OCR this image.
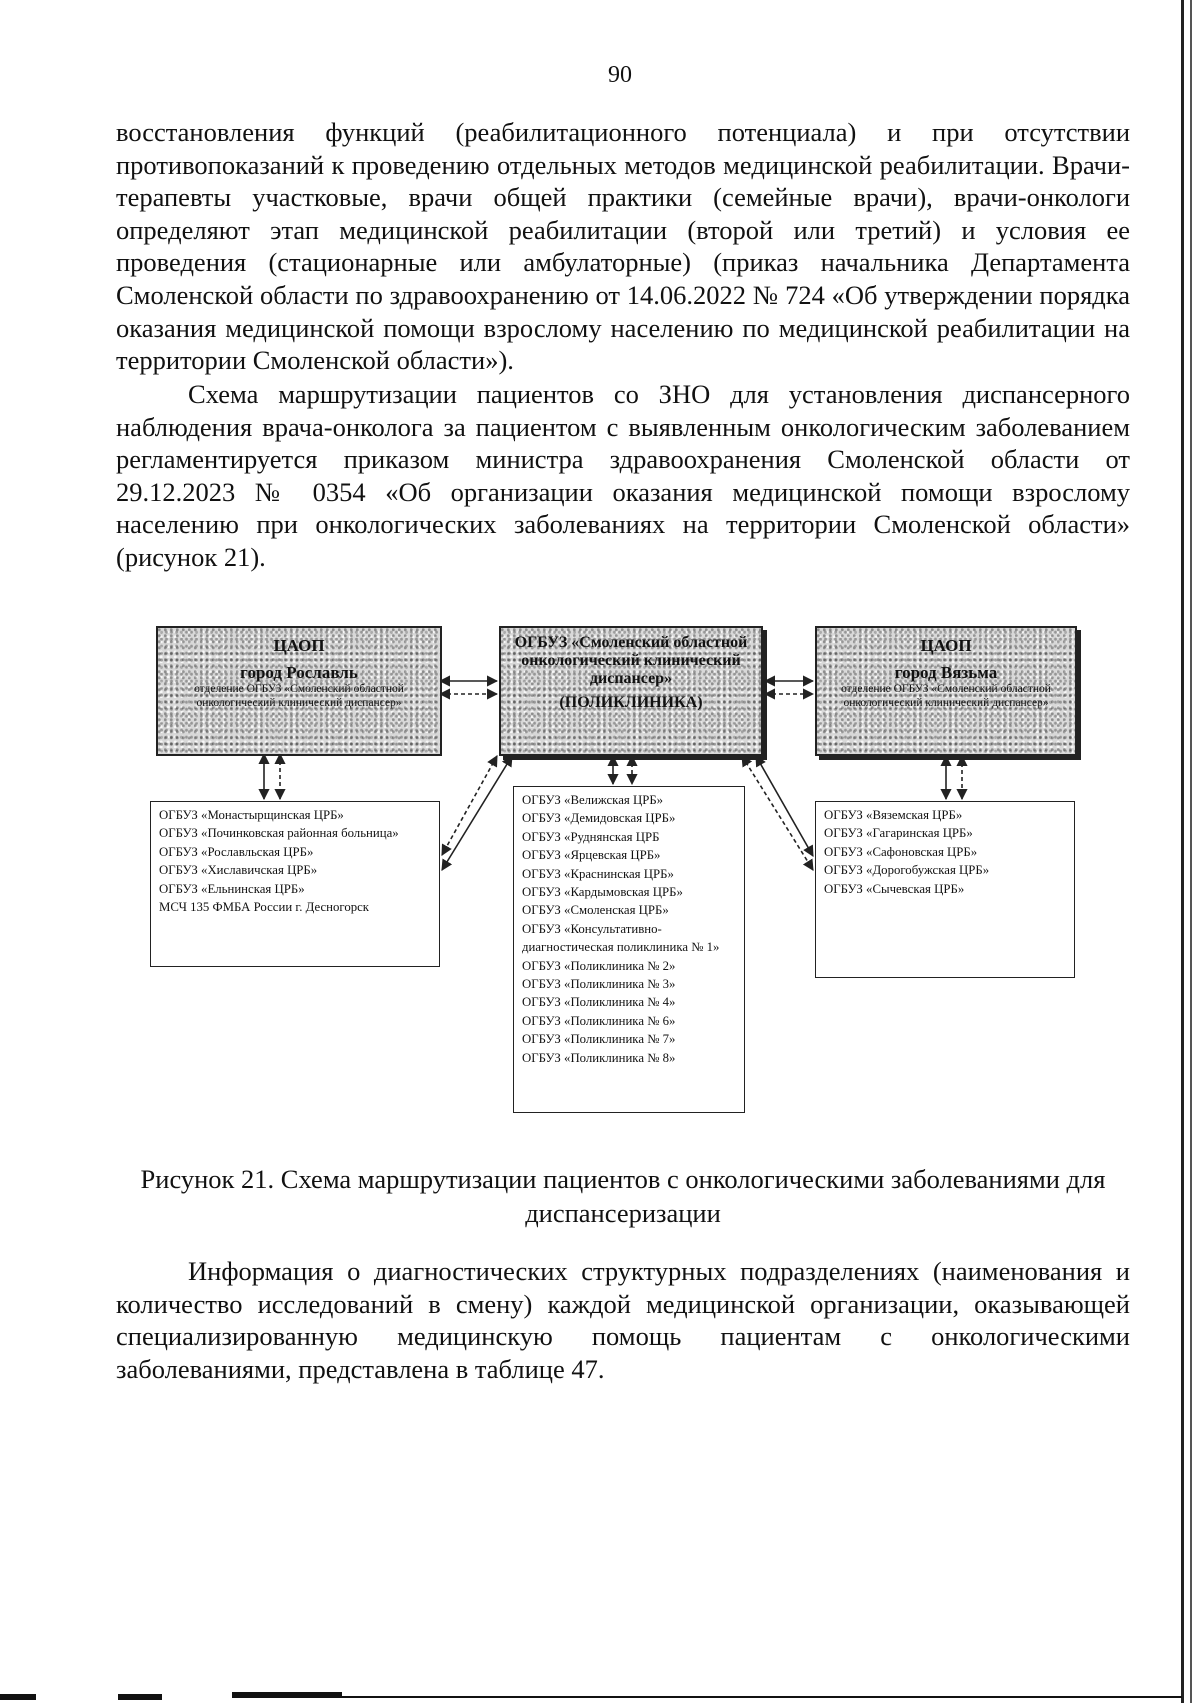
90

восстановления функций (реабилитационного потенциала) и при отсутствии противопоказаний к проведению отдельных методов медицинской реабилитации. Врачи-терапевты участковые, врачи общей практики (семейные врачи), врачи-онкологи определяют этап медицинской реабилитации (второй или третий) и условия ее проведения (стационарные или амбулаторные) (приказ начальника Департамента Смоленской области по здравоохранению от 14.06.2022 № 724 «Об утверждении порядка оказания медицинской помощи взрослому населению по медицинской реабилитации на территории Смоленской области»).

Схема маршрутизации пациентов со ЗНО для установления диспансерного наблюдения врача-онколога за пациентом с выявленным онкологическим заболеванием регламентируется приказом министра здравоохранения Смоленской области от 29.12.2023 № 0354 «Об организации оказания медицинской помощи взрослому населению при онкологических заболеваниях на территории Смоленской области» (рисунок 21).

ЦАОП
город Рославль
отделение ОГБУЗ «Смоленский областной онкологический клинический диспансер»
ОГБУЗ «Смоленский областной онкологический клинический диспансер»
(ПОЛИКЛИНИКА)
ЦАОП
город Вязьма
отделение ОГБУЗ «Смоленский областной онкологический клинический диспансер»
ОГБУЗ «Монастырщинская ЦРБ»
ОГБУЗ «Починковская районная больница»
ОГБУЗ «Рославльская ЦРБ»
ОГБУЗ «Хиславичская ЦРБ»
ОГБУЗ «Ельнинская ЦРБ»
МСЧ 135 ФМБА России г. Десногорск
ОГБУЗ «Велижская ЦРБ»
ОГБУЗ «Демидовская ЦРБ»
ОГБУЗ «Руднянская ЦРБ
ОГБУЗ «Ярцевская ЦРБ»
ОГБУЗ «Краснинская ЦРБ»
ОГБУЗ «Кардымовская ЦРБ»
ОГБУЗ «Смоленская ЦРБ»
ОГБУЗ «Консультативно-диагностическая поликлиника № 1»
ОГБУЗ «Поликлиника № 2»
ОГБУЗ «Поликлиника № 3»
ОГБУЗ «Поликлиника № 4»
ОГБУЗ «Поликлиника № 6»
ОГБУЗ «Поликлиника № 7»
ОГБУЗ «Поликлиника № 8»
ОГБУЗ «Вяземская ЦРБ»
ОГБУЗ «Гагаринская ЦРБ»
ОГБУЗ «Сафоновская ЦРБ»
ОГБУЗ «Дорогобужская ЦРБ»
ОГБУЗ «Сычевская ЦРБ»
Рисунок 21. Схема маршрутизации пациентов с онкологическими заболеваниями для диспансеризации

Информация о диагностических структурных подразделениях (наименования и количество исследований в смену) каждой медицинской организации, оказывающей специализированную медицинскую помощь пациентам с онкологическими заболеваниями, представлена в таблице 47.
